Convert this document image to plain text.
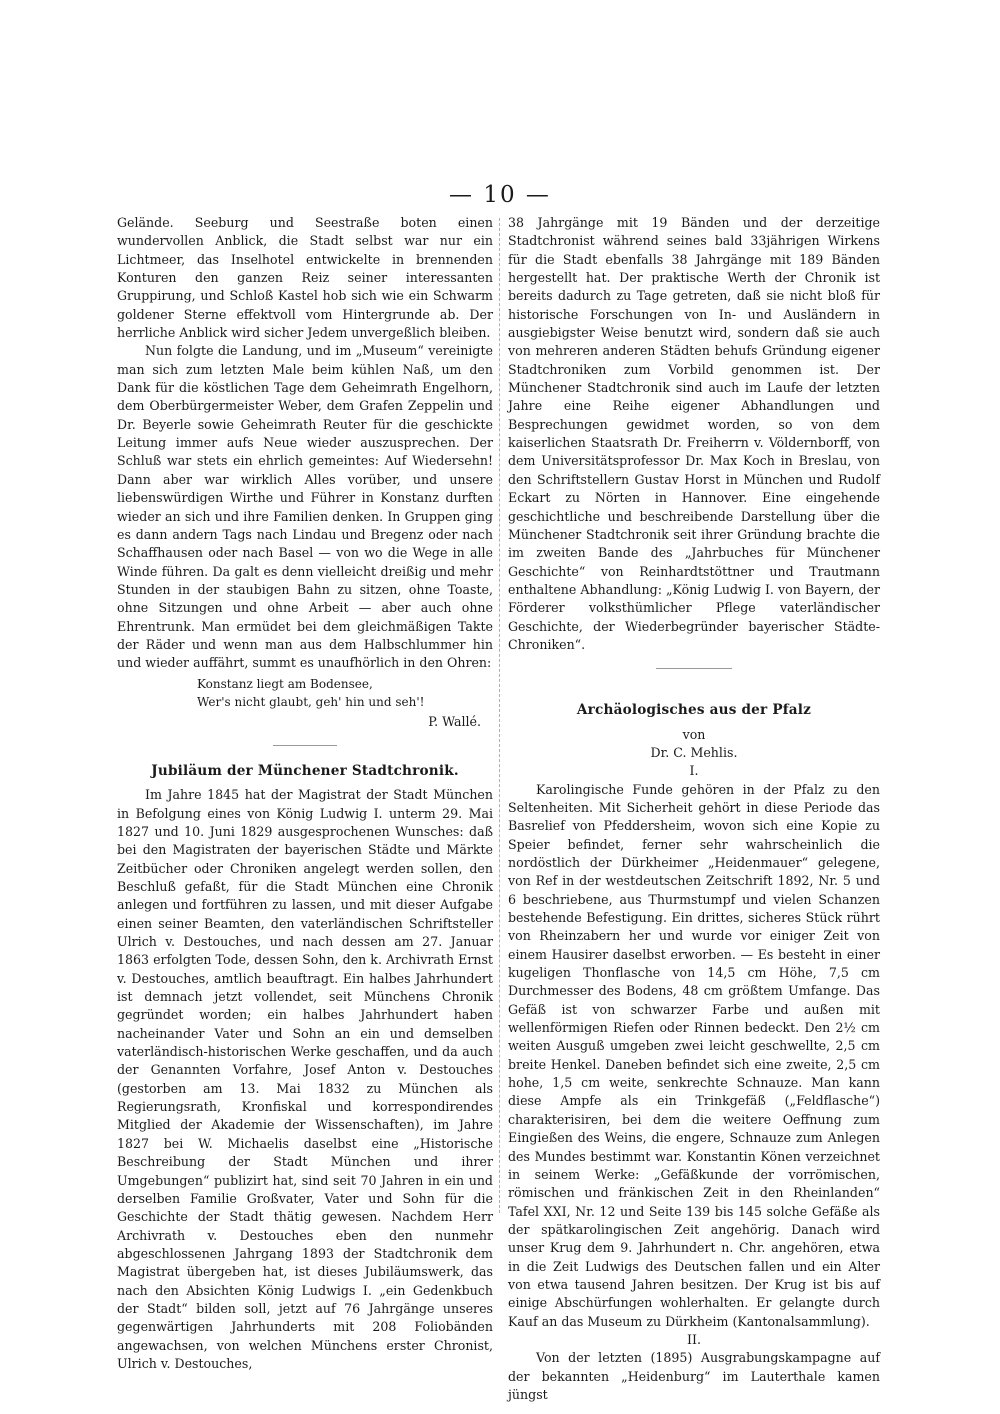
— 10 —

Gelände. Seeburg und Seestraße boten einen wundervollen Anblick, die Stadt selbst war nur ein Lichtmeer, das Inselhotel entwickelte in brennenden Konturen den ganzen Reiz seiner interessanten Gruppirung, und Schloß Kastel hob sich wie ein Schwarm goldener Sterne effektvoll vom Hintergrunde ab. Der herrliche Anblick wird sicher Jedem unvergeßlich bleiben.

Nun folgte die Landung, und im „Museum“ vereinigte man sich zum letzten Male beim kühlen Naß, um den Dank für die köstlichen Tage dem Geheimrath Engelhorn, dem Oberbürgermeister Weber, dem Grafen Zeppelin und Dr. Beyerle sowie Geheimrath Reuter für die geschickte Leitung immer aufs Neue wieder auszusprechen. Der Schluß war stets ein ehrlich gemeintes: Auf Wiedersehn! Dann aber war wirklich Alles vorüber, und unsere liebenswürdigen Wirthe und Führer in Konstanz durften wieder an sich und ihre Familien denken. In Gruppen ging es dann andern Tags nach Lindau und Bregenz oder nach Schaffhausen oder nach Basel — von wo die Wege in alle Winde führen. Da galt es denn vielleicht dreißig und mehr Stunden in der staubigen Bahn zu sitzen, ohne Toaste, ohne Sitzungen und ohne Arbeit — aber auch ohne Ehrentrunk. Man ermüdet bei dem gleichmäßigen Takte der Räder und wenn man aus dem Halbschlummer hin und wieder auffährt, summt es unaufhörlich in den Ohren:

Konstanz liegt am Bodensee,
Wer's nicht glaubt, geh' hin und seh'!
P. Wallé.
Jubiläum der Münchener Stadtchronik.

Im Jahre 1845 hat der Magistrat der Stadt München in Befolgung eines von König Ludwig I. unterm 29. Mai 1827 und 10. Juni 1829 ausgesprochenen Wunsches: daß bei den Magistraten der bayerischen Städte und Märkte Zeitbücher oder Chroniken angelegt werden sollen, den Beschluß gefaßt, für die Stadt München eine Chronik anlegen und fortführen zu lassen, und mit dieser Aufgabe einen seiner Beamten, den vaterländischen Schriftsteller Ulrich v. Destouches, und nach dessen am 27. Januar 1863 erfolgten Tode, dessen Sohn, den k. Archivrath Ernst v. Destouches, amtlich beauftragt. Ein halbes Jahrhundert ist demnach jetzt vollendet, seit Münchens Chronik gegründet worden; ein halbes Jahrhundert haben nacheinander Vater und Sohn an ein und demselben vaterländisch-historischen Werke geschaffen, und da auch der Genannten Vorfahre, Josef Anton v. Destouches (gestorben am 13. Mai 1832 zu München als Regierungsrath, Kronfiskal und korrespondirendes Mitglied der Akademie der Wissenschaften), im Jahre 1827 bei W. Michaelis daselbst eine „Historische Beschreibung der Stadt München und ihrer Umgebungen“ publizirt hat, sind seit 70 Jahren in ein und derselben Familie Großvater, Vater und Sohn für die Geschichte der Stadt thätig gewesen. Nachdem Herr Archivrath v. Destouches eben den nunmehr abgeschlossenen Jahrgang 1893 der Stadtchronik dem Magistrat übergeben hat, ist dieses Jubiläumswerk, das nach den Absichten König Ludwigs I. „ein Gedenkbuch der Stadt“ bilden soll, jetzt auf 76 Jahrgänge unseres gegenwärtigen Jahrhunderts mit 208 Foliobänden angewachsen, von welchen Münchens erster Chronist, Ulrich v. Destouches,

38 Jahrgänge mit 19 Bänden und der derzeitige Stadtchronist während seines bald 33jährigen Wirkens für die Stadt ebenfalls 38 Jahrgänge mit 189 Bänden hergestellt hat. Der praktische Werth der Chronik ist bereits dadurch zu Tage getreten, daß sie nicht bloß für historische Forschungen von In- und Ausländern in ausgiebigster Weise benutzt wird, sondern daß sie auch von mehreren anderen Städten behufs Gründung eigener Stadtchroniken zum Vorbild genommen ist. Der Münchener Stadtchronik sind auch im Laufe der letzten Jahre eine Reihe eigener Abhandlungen und Besprechungen gewidmet worden, so von dem kaiserlichen Staatsrath Dr. Freiherrn v. Völdernborff, von dem Universitätsprofessor Dr. Max Koch in Breslau, von den Schriftstellern Gustav Horst in München und Rudolf Eckart zu Nörten in Hannover. Eine eingehende geschichtliche und beschreibende Darstellung über die Münchener Stadtchronik seit ihrer Gründung brachte die im zweiten Bande des „Jahrbuches für Münchener Geschichte“ von Reinhardtstöttner und Trautmann enthaltene Abhandlung: „König Ludwig I. von Bayern, der Förderer volksthümlicher Pflege vaterländischer Geschichte, der Wiederbegründer bayerischer Städte-Chroniken“.

Archäologisches aus der Pfalz
von
Dr. C. Mehlis.
I.

Karolingische Funde gehören in der Pfalz zu den Seltenheiten. Mit Sicherheit gehört in diese Periode das Basrelief von Pfeddersheim, wovon sich eine Kopie zu Speier befindet, ferner sehr wahrscheinlich die nordöstlich der Dürkheimer „Heidenmauer“ gelegene, von Ref in der westdeutschen Zeitschrift 1892, Nr. 5 und 6 beschriebene, aus Thurmstumpf und vielen Schanzen bestehende Befestigung. Ein drittes, sicheres Stück rührt von Rheinzabern her und wurde vor einiger Zeit von einem Hausirer daselbst erworben. — Es besteht in einer kugeligen Thonflasche von 14,5 cm Höhe, 7,5 cm Durchmesser des Bodens, 48 cm größtem Umfange. Das Gefäß ist von schwarzer Farbe und außen mit wellenförmigen Riefen oder Rinnen bedeckt. Den 2½ cm weiten Ausguß umgeben zwei leicht geschwellte, 2,5 cm breite Henkel. Daneben befindet sich eine zweite, 2,5 cm hohe, 1,5 cm weite, senkrechte Schnauze. Man kann diese Ampfe als ein Trinkgefäß („Feldflasche“) charakterisiren, bei dem die weitere Oeffnung zum Eingießen des Weins, die engere, Schnauze zum Anlegen des Mundes bestimmt war. Konstantin Könen verzeichnet in seinem Werke: „Gefäßkunde der vorrömischen, römischen und fränkischen Zeit in den Rheinlanden“ Tafel XXI, Nr. 12 und Seite 139 bis 145 solche Gefäße als der spätkarolingischen Zeit angehörig. Danach wird unser Krug dem 9. Jahrhundert n. Chr. angehören, etwa in die Zeit Ludwigs des Deutschen fallen und ein Alter von etwa tausend Jahren besitzen. Der Krug ist bis auf einige Abschürfungen wohlerhalten. Er gelangte durch Kauf an das Museum zu Dürkheim (Kantonalsammlung).

II.

Von der letzten (1895) Ausgrabungskampagne auf der bekannten „Heidenburg“ im Lauterthale kamen jüngst
